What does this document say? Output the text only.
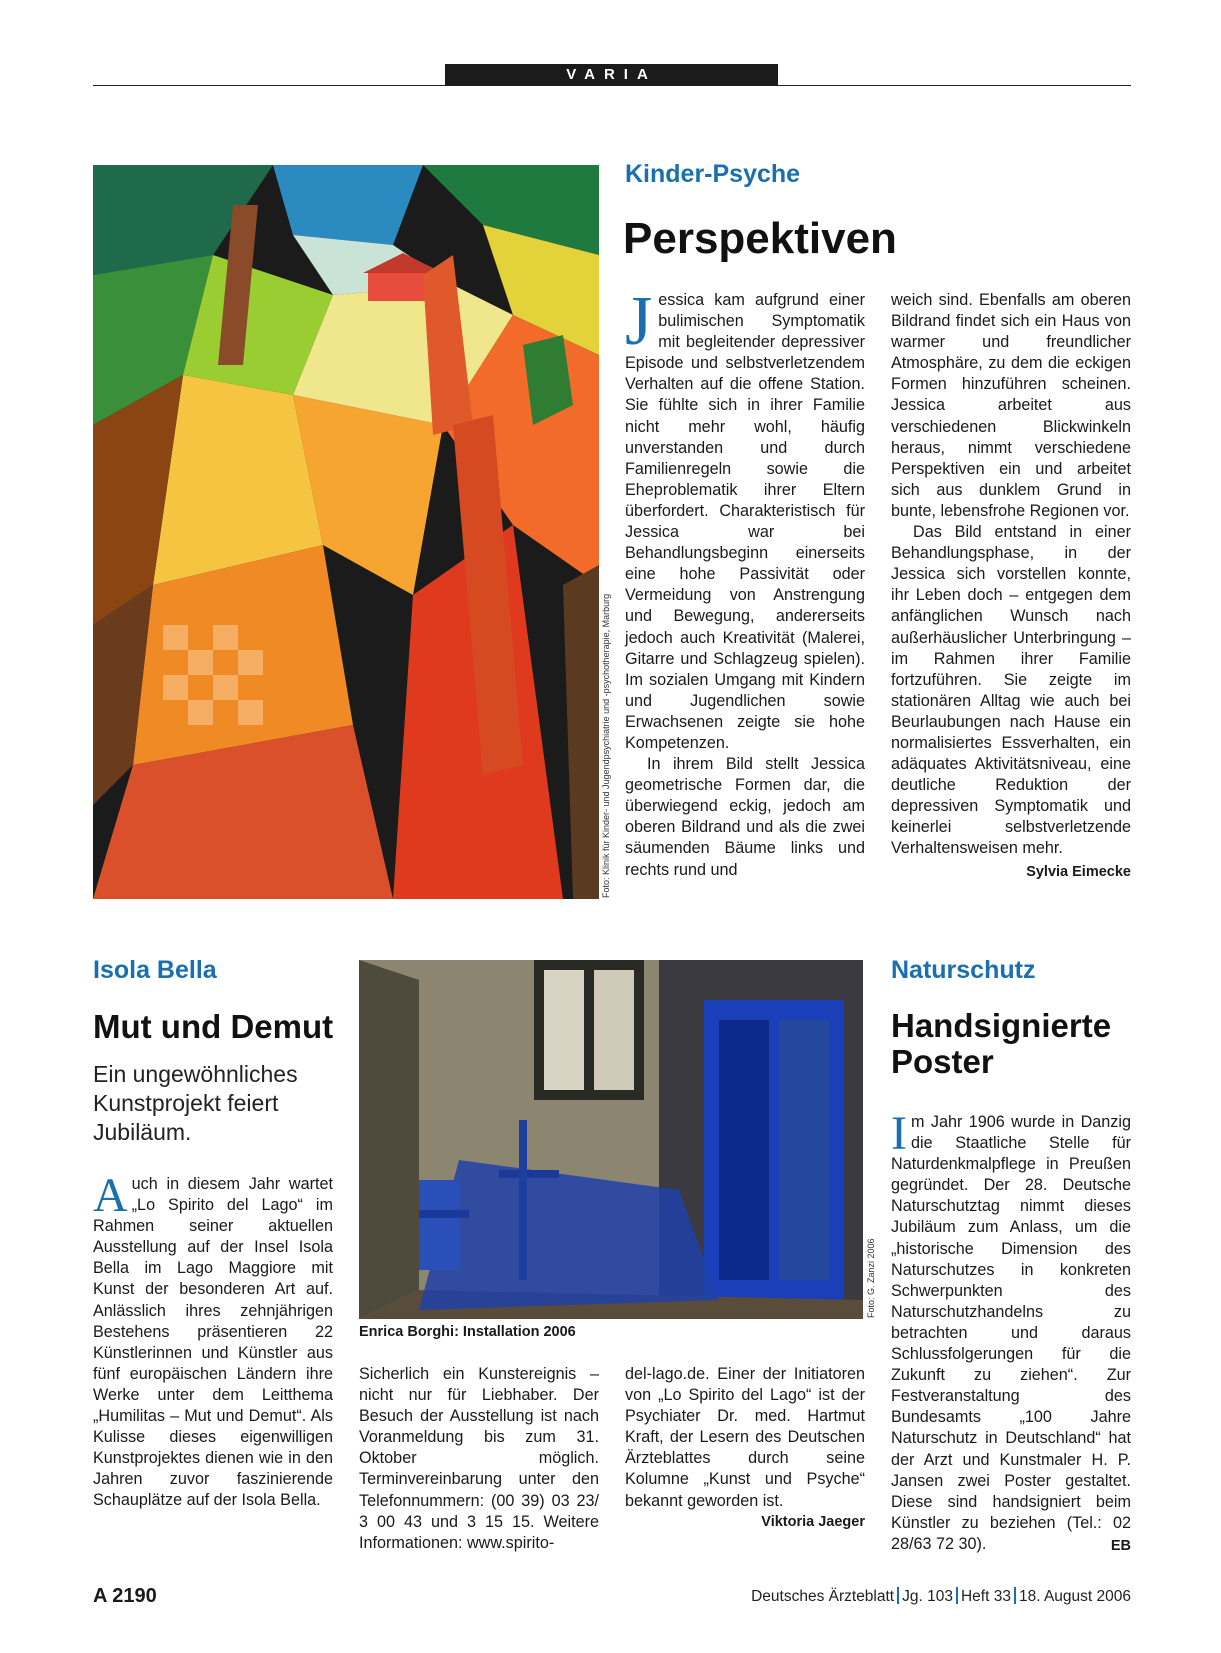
VARIA
Foto: Klinik für Kinder- und Jugendpsychiatrie und -psychotherapie, Marburg
Kinder-Psyche
Perspektiven

Jessica kam aufgrund einer bulimischen Symptomatik mit begleitender depressiver Episode und selbstverletzendem Verhalten auf die offene Station. Sie fühlte sich in ihrer Familie nicht mehr wohl, häufig unverstanden und durch Familienregeln sowie die Eheproblematik ihrer Eltern überfordert. Charakteristisch für Jessica war bei Behandlungsbeginn einerseits eine hohe Passivität oder Vermeidung von Anstrengung und Bewegung, andererseits jedoch auch Kreativität (Malerei, Gitarre und Schlagzeug spielen). Im sozialen Umgang mit Kindern und Jugendlichen sowie Erwachsenen zeigte sie hohe Kompetenzen.

In ihrem Bild stellt Jessica geometrische Formen dar, die überwiegend eckig, jedoch am oberen Bildrand und als die zwei säumenden Bäume links und rechts rund und

weich sind. Ebenfalls am oberen Bildrand findet sich ein Haus von warmer und freundlicher Atmosphäre, zu dem die eckigen Formen hinzuführen scheinen. Jessica arbeitet aus verschiedenen Blickwinkeln heraus, nimmt verschiedene Perspektiven ein und arbeitet sich aus dunklem Grund in bunte, lebensfrohe Regionen vor.

Das Bild entstand in einer Behandlungsphase, in der Jessica sich vorstellen konnte, ihr Leben doch – entgegen dem anfänglichen Wunsch nach außerhäuslicher Unterbringung – im Rahmen ihrer Familie fortzuführen. Sie zeigte im stationären Alltag wie auch bei Beurlaubungen nach Hause ein normalisiertes Essverhalten, ein adäquates Aktivitätsniveau, eine deutliche Reduktion der depressiven Symptomatik und keinerlei selbstverletzende Verhaltensweisen mehr.
Sylvia Eimecke

Isola Bella
Mut und Demut
Ein ungewöhnliches Kunstprojekt feiert Jubiläum.

Auch in diesem Jahr wartet „Lo Spirito del Lago“ im Rahmen seiner aktuellen Ausstellung auf der Insel Isola Bella im Lago Maggiore mit Kunst der besonderen Art auf. Anlässlich ihres zehnjährigen Bestehens präsentieren 22 Künstlerinnen und Künstler aus fünf europäischen Ländern ihre Werke unter dem Leitthema „Humilitas – Mut und Demut“. Als Kulisse dieses eigenwilligen Kunstprojektes dienen wie in den Jahren zuvor faszinierende Schauplätze auf der Isola Bella.

Foto: G. Zanzi 2006
Enrica Borghi: Installation 2006

Sicherlich ein Kunstereignis – nicht nur für Liebhaber. Der Besuch der Ausstellung ist nach Voranmeldung bis zum 31. Oktober möglich. Terminvereinbarung unter den Telefonnummern: (00 39) 03 23/ 3 00 43 und 3 15 15. Weitere Informationen: www.spirito-

del-lago.de. Einer der Initiatoren von „Lo Spirito del Lago“ ist der Psychiater Dr. med. Hartmut Kraft, der Lesern des Deutschen Ärzteblattes durch seine Kolumne „Kunst und Psyche“ bekannt geworden ist.

Viktoria Jaeger
Naturschutz
Handsignierte Poster

Im Jahr 1906 wurde in Danzig die Staatliche Stelle für Naturdenkmalpflege in Preußen gegründet. Der 28. Deutsche Naturschutztag nimmt dieses Jubiläum zum Anlass, um die „historische Dimension des Naturschutzes in konkreten Schwerpunkten des Naturschutzhandelns zu betrachten und daraus Schlussfolgerungen für die Zukunft zu ziehen“. Zur Festveranstaltung des Bundesamts „100 Jahre Naturschutz in Deutschland“ hat der Arzt und Kunstmaler H. P. Jansen zwei Poster gestaltet. Diese sind handsigniert beim Künstler zu beziehen (Tel.: 02 28/63 72 30).	EB

A 2190	Deutsches Ärzteblatt Jg. 103 Heft 33 18. August 2006
